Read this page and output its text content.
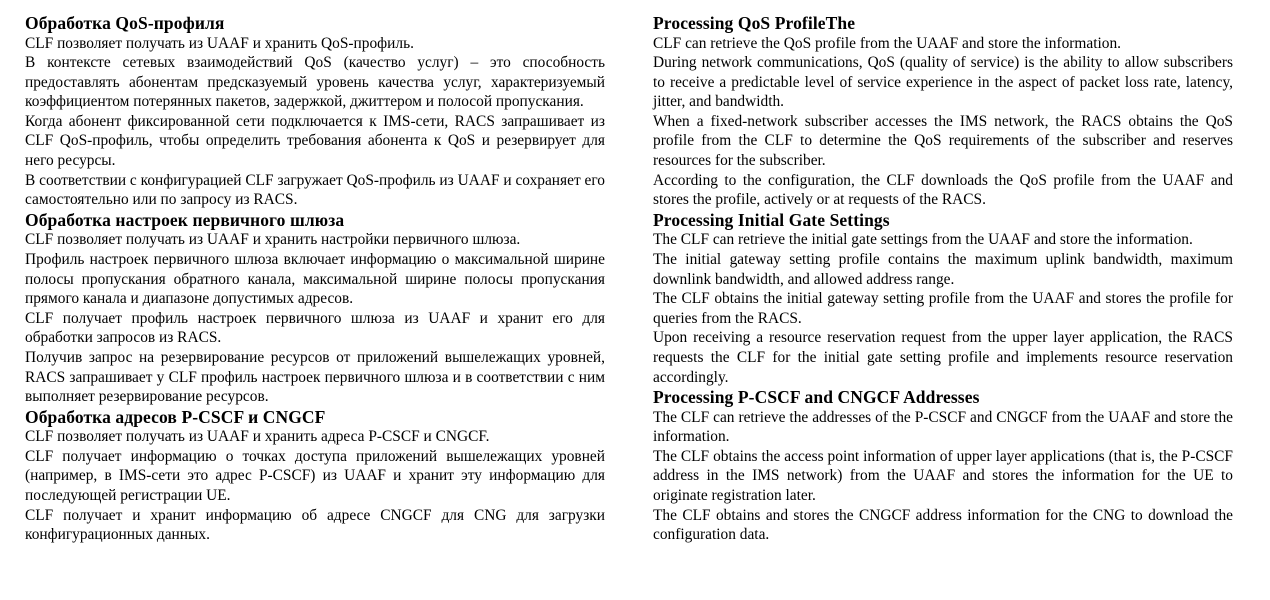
Обработка QoS-профиля

CLF позволяет получать из UAAF и хранить QoS-профиль.

В контексте сетевых взаимодействий QoS (качество услуг) – это способность предоставлять абонентам предсказуемый уровень качества услуг, характеризуемый коэффициентом потерянных пакетов, задержкой, джиттером и полосой пропускания.

Когда абонент фиксированной сети подключается к IMS-сети, RACS запрашивает из CLF QoS-профиль, чтобы определить требования абонента к QoS и резервирует для него ресурсы.

В соответствии с конфигурацией CLF загружает QoS-профиль из UAAF и сохраняет его самостоятельно или по запросу из RACS.

Обработка настроек первичного шлюза

CLF позволяет получать из UAAF и хранить настройки первичного шлюза.

Профиль настроек первичного шлюза включает информацию о максимальной ширине полосы пропускания обратного канала, максимальной ширине полосы пропускания прямого канала и диапазоне допустимых адресов.

CLF получает профиль настроек первичного шлюза из UAAF и хранит его для обработки запросов из RACS.

Получив запрос на резервирование ресурсов от приложений вышележащих уровней, RACS запрашивает у CLF профиль настроек первичного шлюза и в соответствии с ним выполняет резервирование ресурсов.

Обработка адресов P-CSCF и CNGCF

CLF позволяет получать из UAAF и хранить адреса P-CSCF и CNGCF.

CLF получает информацию о точках доступа приложений вышележащих уровней (например, в IMS-сети это адрес P-CSCF) из UAAF и хранит эту информацию для последующей регистрации UE.

CLF получает и хранит информацию об адресе CNGCF для CNG для загрузки конфигурационных данных.

Processing QoS ProfileThe

CLF can retrieve the QoS profile from the UAAF and store the information.

During network communications, QoS (quality of service) is the ability to allow subscribers to receive a predictable level of service experience in the aspect of packet loss rate, latency, jitter, and bandwidth.

When a fixed-network subscriber accesses the IMS network, the RACS obtains the QoS profile from the CLF to determine the QoS requirements of the subscriber and reserves resources for the subscriber.

According to the configuration, the CLF downloads the QoS profile from the UAAF and stores the profile, actively or at requests of the RACS.

Processing Initial Gate Settings

The CLF can retrieve the initial gate settings from the UAAF and store the information.

The initial gateway setting profile contains the maximum uplink bandwidth, maximum downlink bandwidth, and allowed address range.

The CLF obtains the initial gateway setting profile from the UAAF and stores the profile for queries from the RACS.

Upon receiving a resource reservation request from the upper layer application, the RACS requests the CLF for the initial gate setting profile and implements resource reservation accordingly.

Processing P-CSCF and CNGCF Addresses

The CLF can retrieve the addresses of the P-CSCF and CNGCF from the UAAF and store the information.

The CLF obtains the access point information of upper layer applications (that is, the P-CSCF address in the IMS network) from the UAAF and stores the information for the UE to originate registration later.

The CLF obtains and stores the CNGCF address information for the CNG to download the configuration data.
